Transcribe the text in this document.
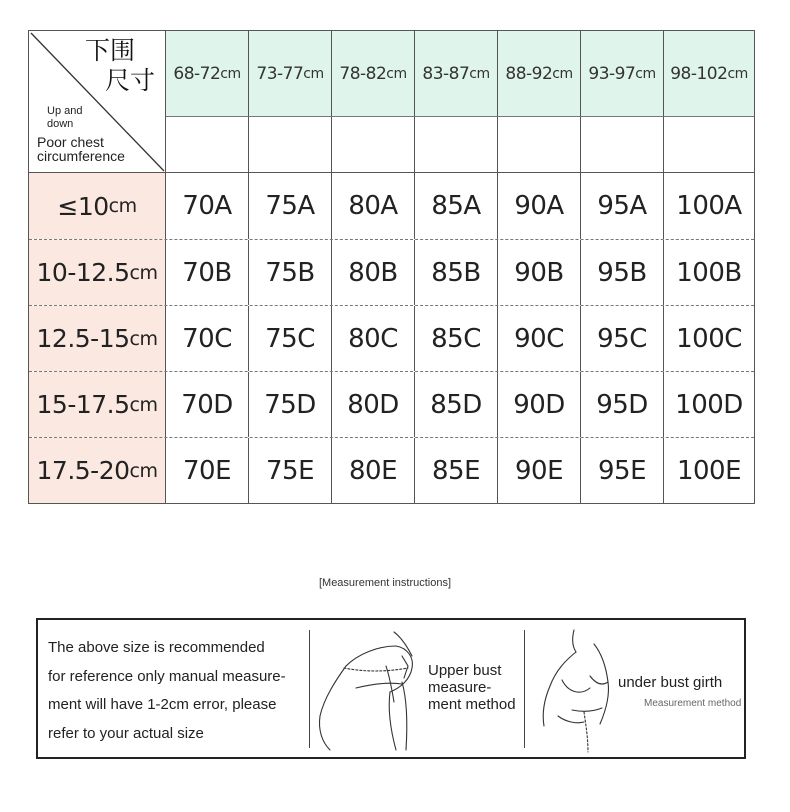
下围
尺寸
Up and
down
Poor chest
circumference
68-72 cm 73-77 cm 78-82 cm 83-87 cm 88-92 cm 93-97 cm 98-102 cm
≤10 cm	70A	75A	80A	85A	90A	95A	100A
10-12.5 cm 70B	75B	80B	85B	90B	95B	100B
12.5-15 cm 70C	75C	80C	85C	90C	95C	100C
15-17.5 cm 70D	75D	80D	85D	90D	95D	100D
17.5-20 cm 70E	75E	80E	85E	90E	95E	100E
[Measurement instructions]
The above size is recommended
for reference only manual measure-
ment will have 1-2cm error, please
refer to your actual size
Upper bust
measure-
ment method
under bust girth
Measurement method
